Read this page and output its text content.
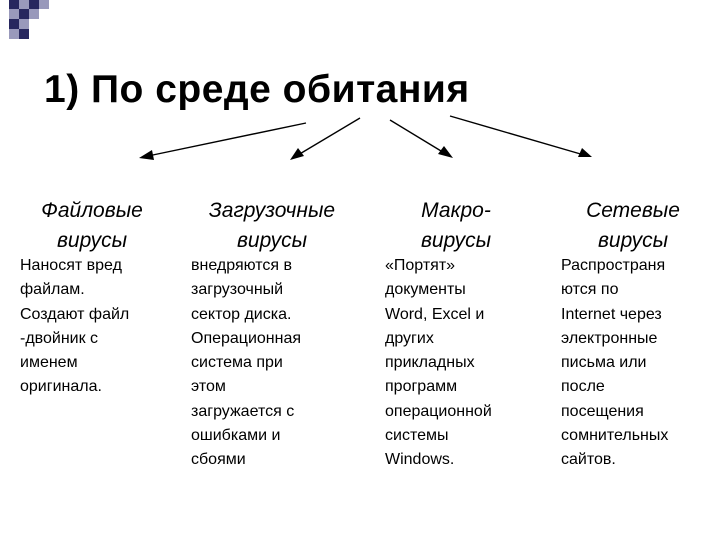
1) По среде обитания
Файловые
вирусы
Загрузочные
вирусы
Макро-
вирусы
Сетевые
вирусы
Наносят вред
файлам.
Создают файл
-двойник с
именем
оригинала.
внедряются в
загрузочный
сектор диска.
Операционная
система при
этом
загружается с
ошибками и
сбоями
«Портят»
документы
Word, Excel и
других
прикладных
программ
операционной
системы
Windows.
Распространя
ются по
Internet через
электронные
письма или
после
посещения
сомнительных
сайтов.
